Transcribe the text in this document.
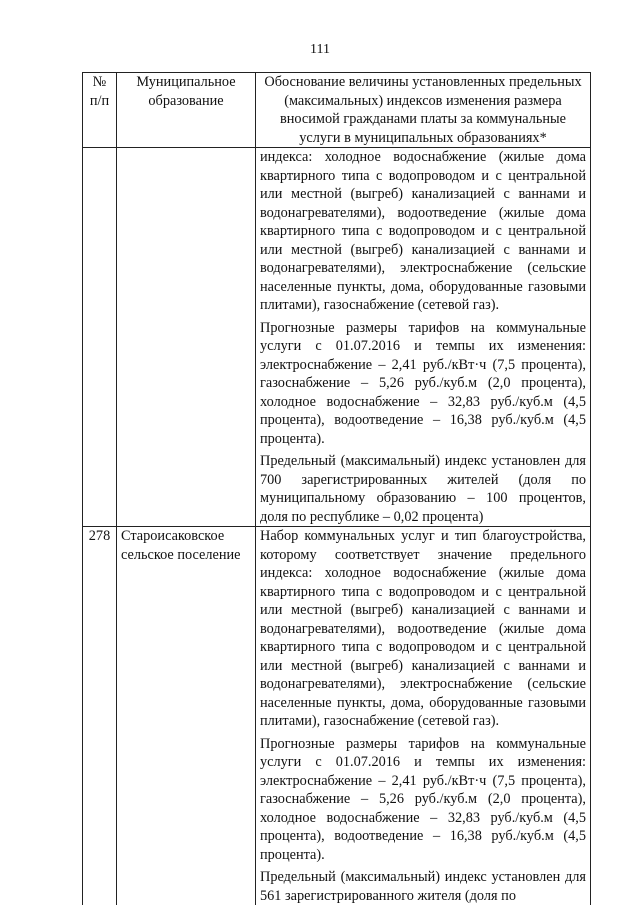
111
№ п/п	Муниципальное образование	Обоснование величины установленных предельных (максимальных) индексов изменения размера вносимой гражданами платы за коммунальные услуги в муниципальных образованиях*

		индекса: холодное водоснабжение (жилые дома квартирного типа с водопроводом и с центральной или местной (выгреб) канализацией с ваннами и водонагревателями), водоотведение (жилые дома квартирного типа с водопроводом и с центральной или местной (выгреб) канализацией с ваннами и водонагревателями), электроснабжение (сельские населенные пункты, дома, оборудованные газовыми плитами), газоснабжение (сетевой газ).
Прогнозные размеры тарифов на коммунальные услуги с 01.07.2016 и темпы их изменения: электроснабжение – 2,41 руб./кВт·ч (7,5 процента), газоснабжение – 5,26 руб./куб.м (2,0 процента), холодное водоснабжение – 32,83 руб./куб.м (4,5 процента), водоотведение – 16,38 руб./куб.м (4,5 процента).
Предельный (максимальный) индекс установлен для 700 зарегистрированных жителей (доля по муниципальному образованию – 100 процентов, доля по республике – 0,02 процента)

278	Староисаковское сельское поселение	Набор коммунальных услуг и тип благоустройства, которому соответствует значение предельного индекса: холодное водоснабжение (жилые дома квартирного типа с водопроводом и с центральной или местной (выгреб) канализацией с ваннами и водонагревателями), водоотведение (жилые дома квартирного типа с водопроводом и с центральной или местной (выгреб) канализацией с ваннами и водонагревателями), электроснабжение (сельские населенные пункты, дома, оборудованные газовыми плитами), газоснабжение (сетевой газ).
Прогнозные размеры тарифов на коммунальные услуги с 01.07.2016 и темпы их изменения: электроснабжение – 2,41 руб./кВт·ч (7,5 процента), газоснабжение – 5,26 руб./куб.м (2,0 процента), холодное водоснабжение – 32,83 руб./куб.м (4,5 процента), водоотведение – 16,38 руб./куб.м (4,5 процента).
Предельный (максимальный) индекс установлен для 561 зарегистрированного жителя (доля по
